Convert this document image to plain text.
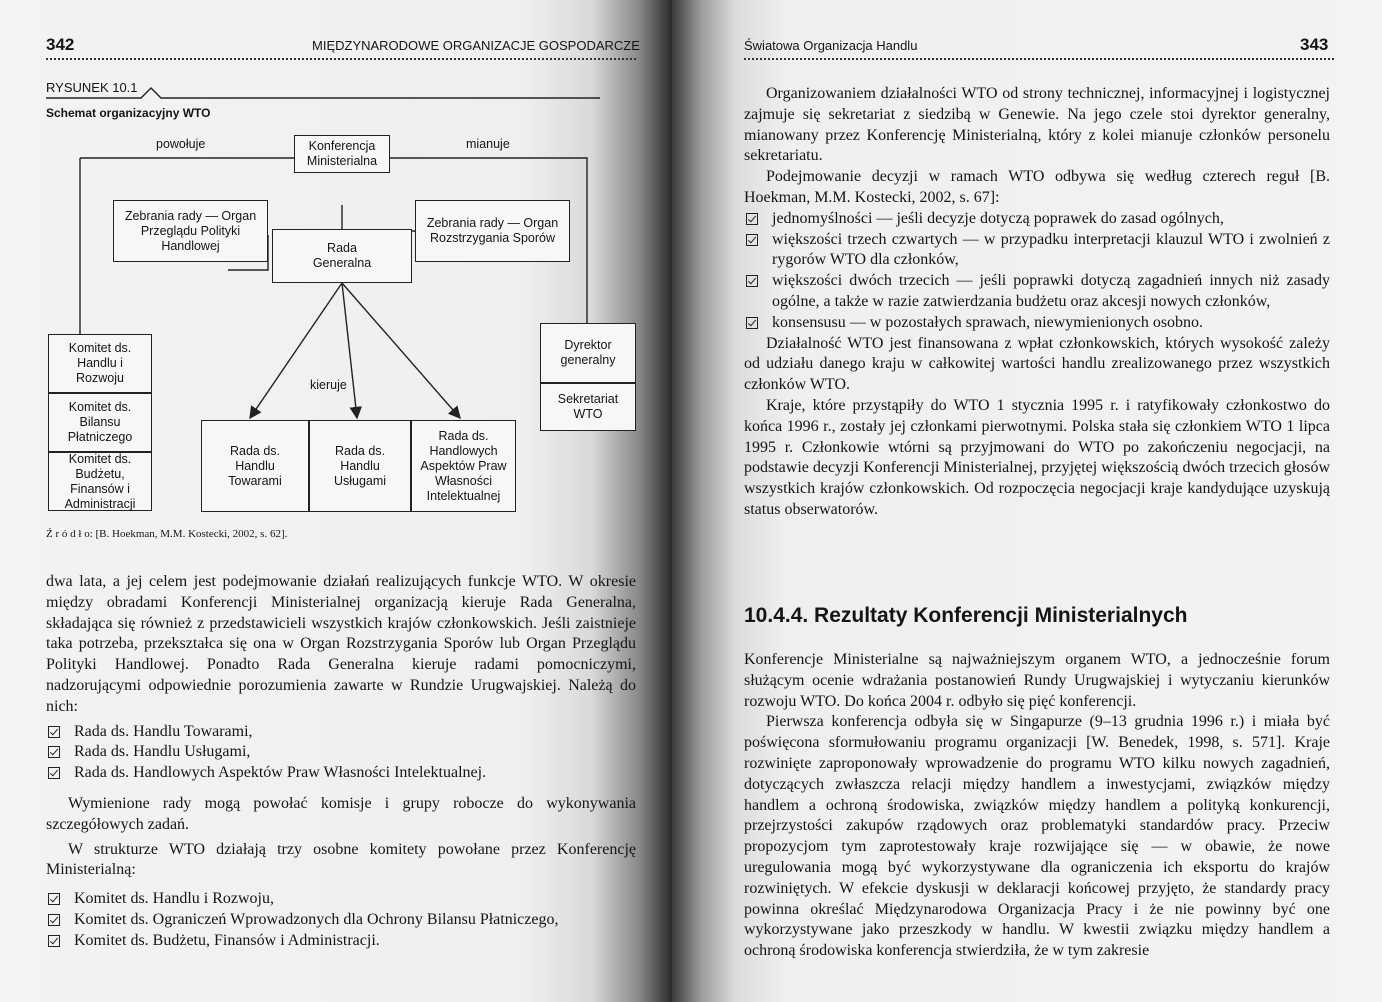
342	MIĘDZYNARODOWE ORGANIZACJE GOSPODARCZE
RYSUNEK 10.1
Schemat organizacyjny WTO
powołuje	mianuje
kieruje
Konferencja Ministerialna
Zebrania rady — Organ Przeglądu Polityki Handlowej
Zebrania rady — Organ Rozstrzygania Sporów
Rada Generalna
Komitet ds. Handlu i Rozwoju
Komitet ds. Bilansu Płatniczego
Komitet ds. Budżetu, Finansów i Administracji
Dyrektor generalny
Sekretariat WTO
Rada ds. Handlu Towarami
Rada ds. Handlu Usługami
Rada ds. Handlowych Aspektów Praw Własności Intelektualnej
Ź r ó d ł o: [B. Hoekman, M.M. Kostecki, 2002, s. 62].

dwa lata, a jej celem jest podejmowanie działań realizujących funkcje WTO. W okresie między obradami Konferencji Ministerialnej organizacją kieruje Rada Generalna, składająca się również z przedstawicieli wszystkich krajów członkowskich. Jeśli zaistnieje taka potrzeba, przekształca się ona w Organ Rozstrzygania Sporów lub Organ Przeglądu Polityki Handlowej. Ponadto Rada Generalna kieruje radami pomocniczymi, nadzorującymi odpowiednie porozumienia zawarte w Rundzie Urugwajskiej. Należą do nich:

Rada ds. Handlu Towarami,

Rada ds. Handlu Usługami,

Rada ds. Handlowych Aspektów Praw Własności Intelektualnej.

Wymienione rady mogą powołać komisje i grupy robocze do wykonywania szczegółowych zadań.

W strukturze WTO działają trzy osobne komitety powołane przez Konferencję Ministerialną:

Komitet ds. Handlu i Rozwoju,

Komitet ds. Ograniczeń Wprowadzonych dla Ochrony Bilansu Płatniczego,

Komitet ds. Budżetu, Finansów i Administracji.

Światowa Organizacja Handlu	343

Organizowaniem działalności WTO od strony technicznej, informacyjnej i logistycznej zajmuje się sekretariat z siedzibą w Genewie. Na jego czele stoi dyrektor generalny, mianowany przez Konferencję Ministerialną, który z kolei mianuje członków personelu sekretariatu.

Podejmowanie decyzji w ramach WTO odbywa się według czterech reguł [B. Hoekman, M.M. Kostecki, 2002, s. 67]:

jednomyślności — jeśli decyzje dotyczą poprawek do zasad ogólnych,

większości trzech czwartych — w przypadku interpretacji klauzul WTO i zwolnień z rygorów WTO dla członków,

większości dwóch trzecich — jeśli poprawki dotyczą zagadnień innych niż zasady ogólne, a także w razie zatwierdzania budżetu oraz akcesji nowych członków,

konsensusu — w pozostałych sprawach, niewymienionych osobno.

Działalność WTO jest finansowana z wpłat członkowskich, których wysokość zależy od udziału danego kraju w całkowitej wartości handlu zrealizowanego przez wszystkich członków WTO.

Kraje, które przystąpiły do WTO 1 stycznia 1995 r. i ratyfikowały członkostwo do końca 1996 r., zostały jej członkami pierwotnymi. Polska stała się członkiem WTO 1 lipca 1995 r. Członkowie wtórni są przyjmowani do WTO po zakończeniu negocjacji, na podstawie decyzji Konferencji Ministerialnej, przyjętej większością dwóch trzecich głosów wszystkich krajów członkowskich. Od rozpoczęcia negocjacji kraje kandydujące uzyskują status obserwatorów.

10.4.4. Rezultaty Konferencji Ministerialnych

Konferencje Ministerialne są najważniejszym organem WTO, a jednocześnie forum służącym ocenie wdrażania postanowień Rundy Urugwajskiej i wytyczaniu kierunków rozwoju WTO. Do końca 2004 r. odbyło się pięć konferencji.

Pierwsza konferencja odbyła się w Singapurze (9–13 grudnia 1996 r.) i miała być poświęcona sformułowaniu programu organizacji [W. Benedek, 1998, s. 571]. Kraje rozwinięte zaproponowały wprowadzenie do programu WTO kilku nowych zagadnień, dotyczących zwłaszcza relacji między handlem a inwestycjami, związków między handlem a ochroną środowiska, związków między handlem a polityką konkurencji, przejrzystości zakupów rządowych oraz problematyki standardów pracy. Przeciw propozycjom tym zaprotestowały kraje rozwijające się — w obawie, że nowe uregulowania mogą być wykorzystywane dla ograniczenia ich eksportu do krajów rozwiniętych. W efekcie dyskusji w deklaracji końcowej przyjęto, że standardy pracy powinna określać Międzynarodowa Organizacja Pracy i że nie powinny być one wykorzystywane jako przeszkody w handlu. W kwestii związku między handlem a ochroną środowiska konferencja stwierdziła, że w tym zakresie
